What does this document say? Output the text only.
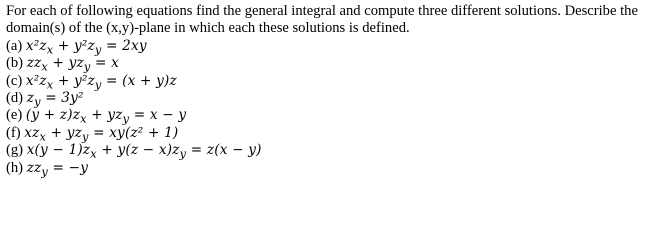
For each of following equations find the general integral and compute three different solutions. Describe the domain(s) of the (x,y)-plane in which each these solutions is defined.

(a) $x^2z_x + y^2z_y = 2xy$
(b) $zz_x + yz_y = x$
(c) $x^2z_x + y^2z_y = (x + y)z$
(d) $z_y = 3y^2$
(e) $(y + z)z_x + yz_y = x - y$
(f) $xz_x + yz_y = xy(z^2 + 1)$
(g) $x(y - 1)z_x + y(z - x)z_y = z(x - y)$
(h) $zz_y = -y$
